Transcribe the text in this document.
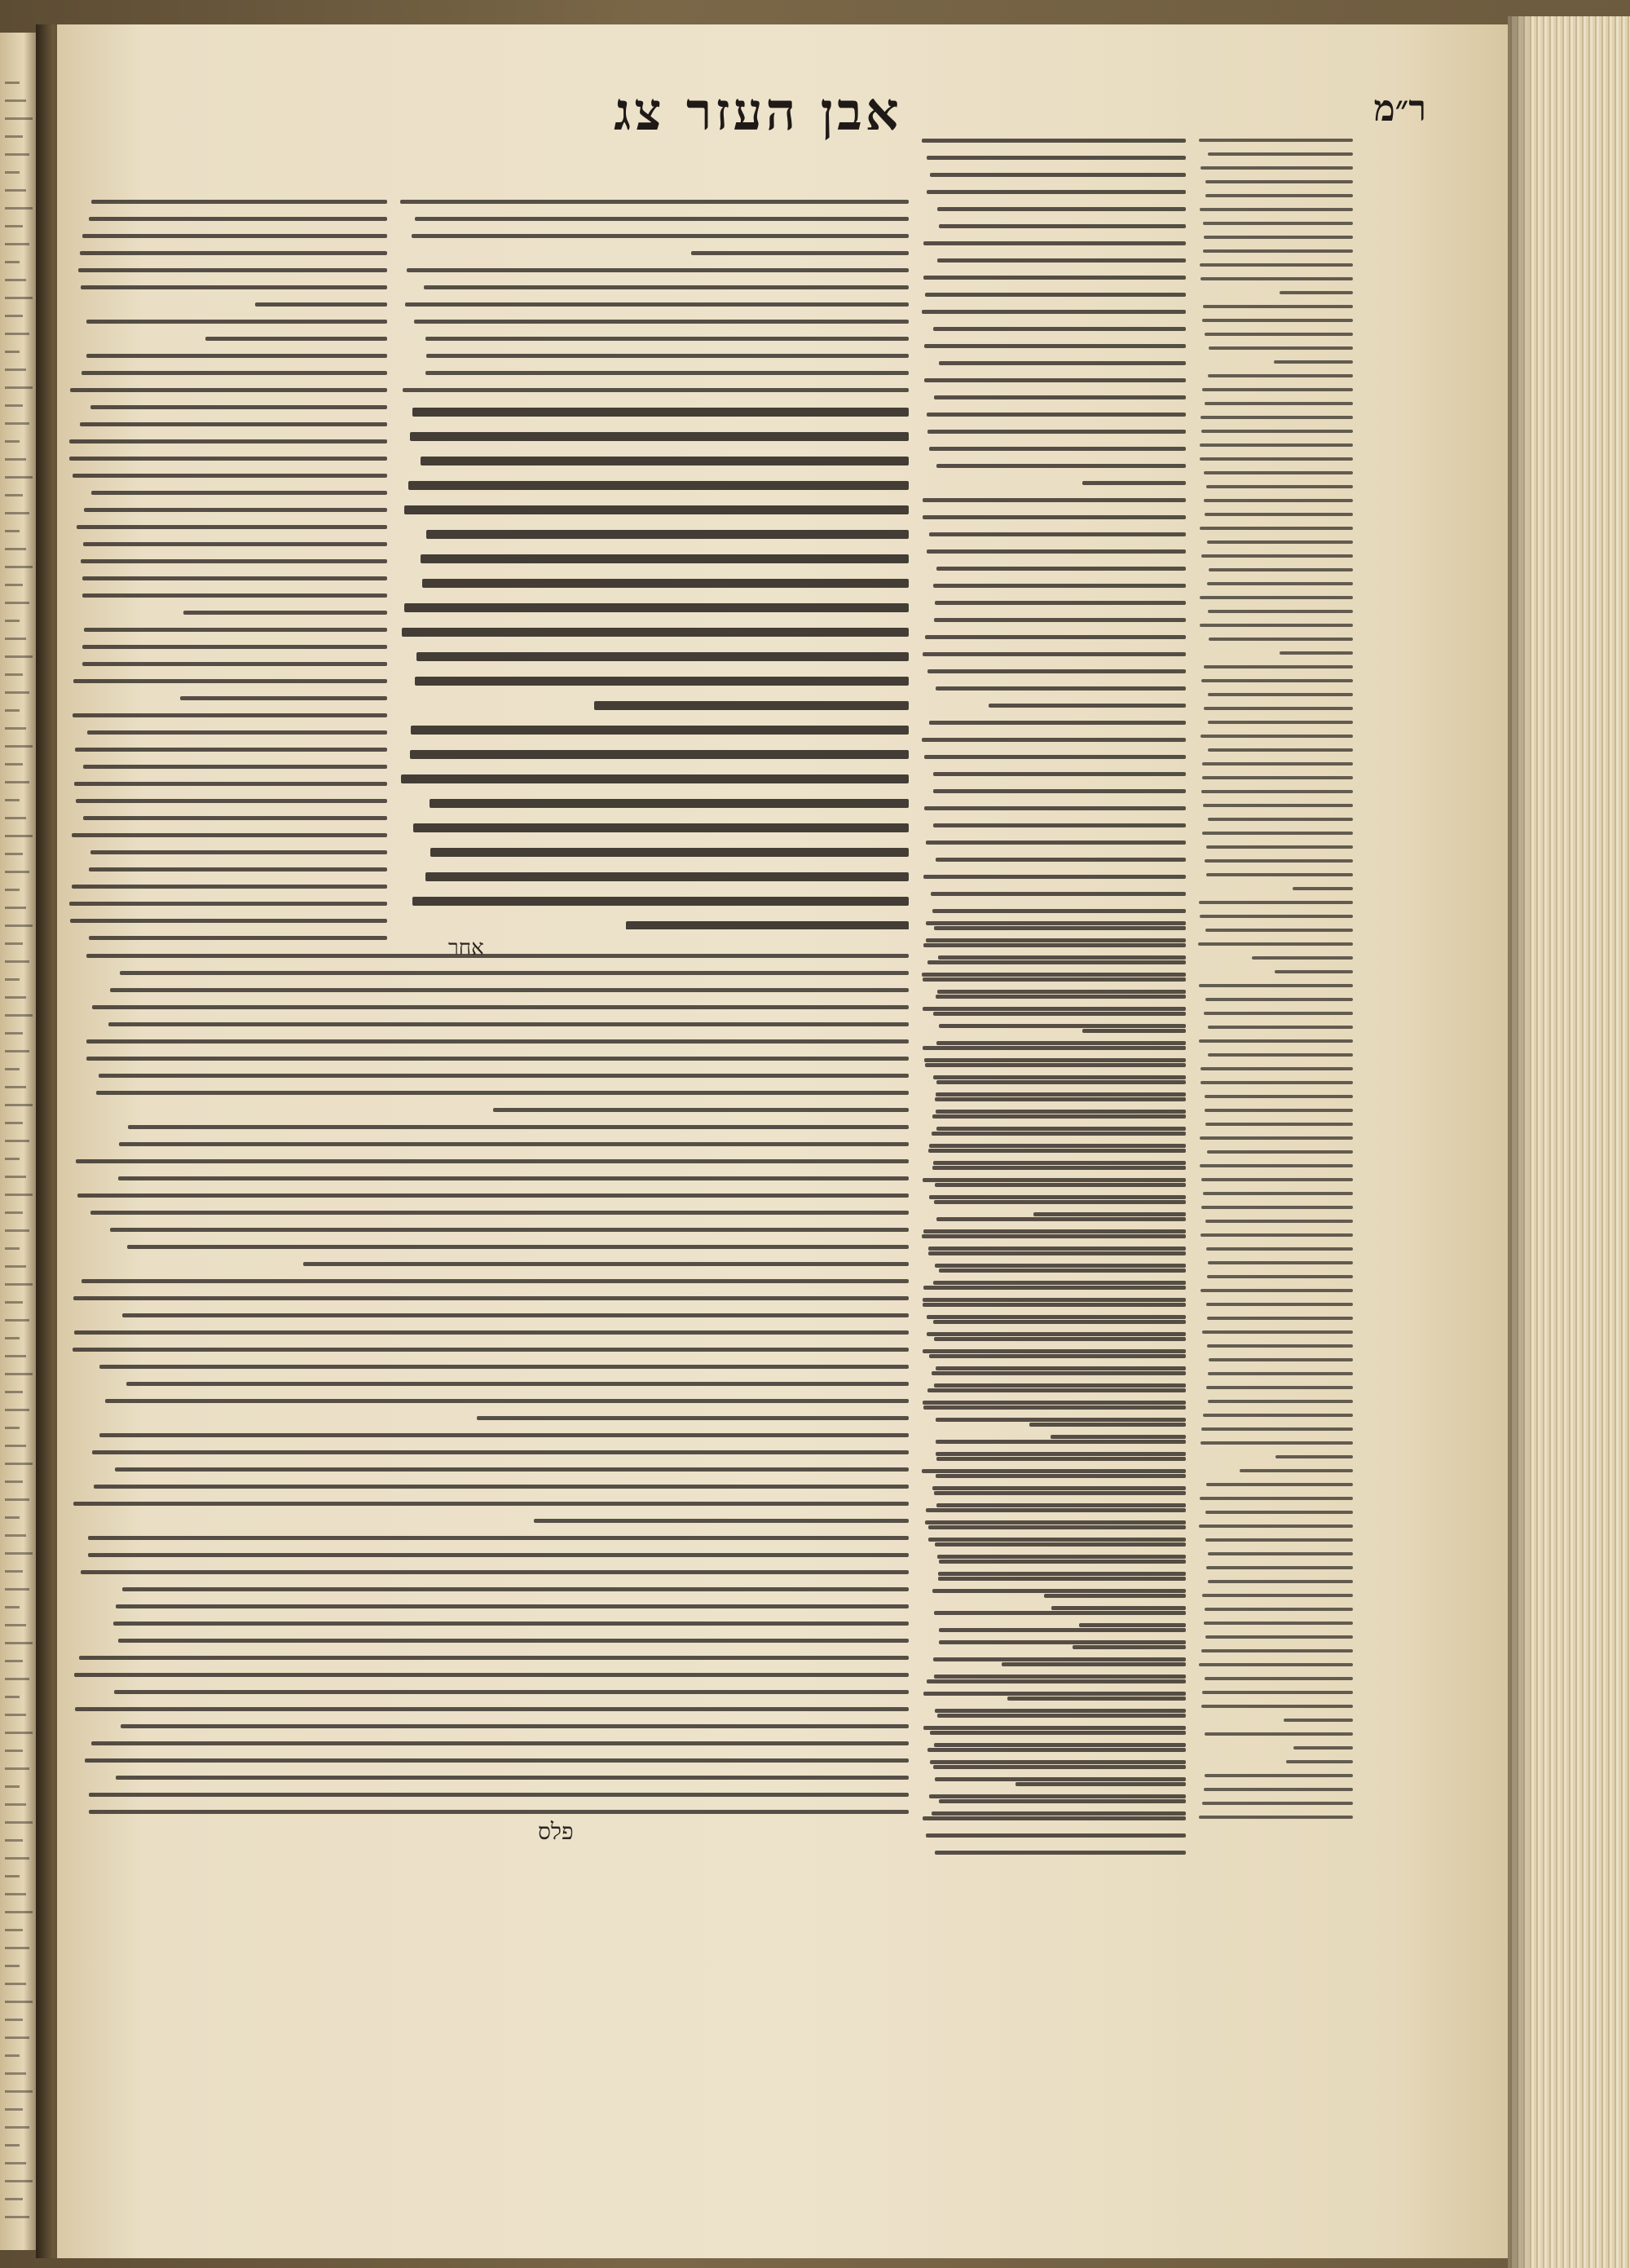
אבן העזר צג	ר״מ
אחר
פלס
